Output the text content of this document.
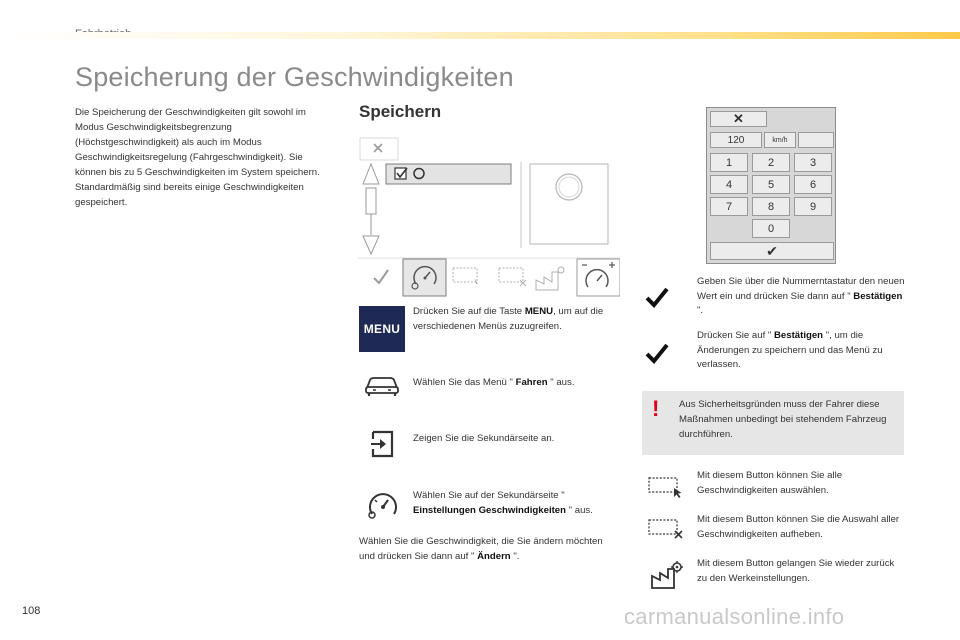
Speicherung der Geschwindigkeiten
Die Speicherung der Geschwindigkeiten gilt sowohl im Modus Geschwindigkeitsbegrenzung (Höchstgeschwindigkeit) als auch im Modus Geschwindigkeitsregelung (Fahrgeschwindigkeit). Sie können bis zu 5 Geschwindigkeiten im System speichern. Standardmäßig sind bereits einige Geschwindigkeiten gespeichert.
Speichern
MENU
Drücken Sie auf die Taste MENU, um auf die verschiedenen Menüs zuzugreifen.
Wählen Sie das Menü " Fahren " aus.
Zeigen Sie die Sekundärseite an.
Wählen Sie auf der Sekundärseite " Einstellungen Geschwindigkeiten " aus.
Wählen Sie die Geschwindigkeit, die Sie ändern möchten und drücken Sie dann auf " Ändern ".
✕
120	km/h
1	2	3
4	5	6
7	8	9
0
✔
Geben Sie über die Nummerntastatur den neuen Wert ein und drücken Sie dann auf " Bestätigen ".
Drücken Sie auf " Bestätigen ", um die Änderungen zu speichern und das Menü zu verlassen.
! Aus Sicherheitsgründen muss der Fahrer diese Maßnahmen unbedingt bei stehendem Fahrzeug durchführen.
Mit diesem Button können Sie alle Geschwindigkeiten auswählen.
Mit diesem Button können Sie die Auswahl aller Geschwindigkeiten aufheben.
Mit diesem Button gelangen Sie wieder zurück zu den Werkeinstellungen.
108	carmanualsonline.info
